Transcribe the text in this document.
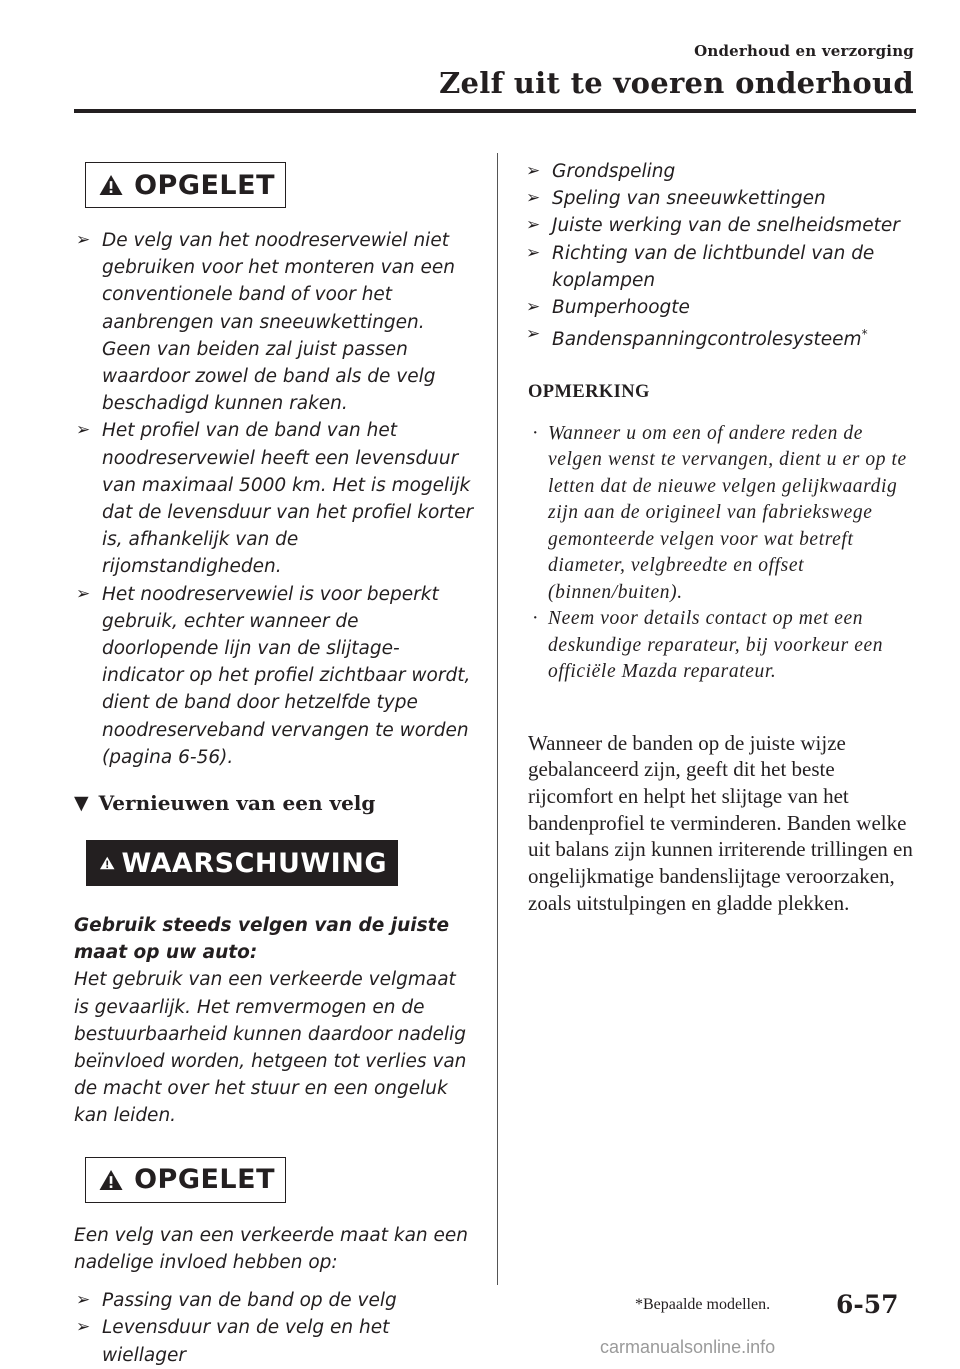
Onderhoud en verzorging
Zelf uit te voeren onderhoud
OPGELET
➢ De velg van het noodreservewiel niet gebruiken voor het monteren van een conventionele band of voor het aanbrengen van sneeuwkettingen. Geen van beiden zal juist passen waardoor zowel de band als de velg beschadigd kunnen raken.
➢ Het profiel van de band van het noodreservewiel heeft een levensduur van maximaal 5000 km. Het is mogelijk dat de levensduur van het profiel korter is, afhankelijk van de rijomstandigheden.
➢ Het noodreservewiel is voor beperkt gebruik, echter wanneer de doorlopende lijn van de slijtage-indicator op het profiel zichtbaar wordt, dient de band door hetzelfde type noodreserveband vervangen te worden (pagina 6-56).
▼ Vernieuwen van een velg
WAARSCHUWING
Gebruik steeds velgen van de juiste maat op uw auto:
Het gebruik van een verkeerde velgmaat is gevaarlijk. Het remvermogen en de bestuurbaarheid kunnen daardoor nadelig beïnvloed worden, hetgeen tot verlies van de macht over het stuur en een ongeluk kan leiden.
OPGELET
Een velg van een verkeerde maat kan een nadelige invloed hebben op:
➢ Passing van de band op de velg
➢ Levensduur van de velg en het wiellager
➢ Grondspeling
➢ Speling van sneeuwkettingen
➢ Juiste werking van de snelheidsmeter
➢ Richting van de lichtbundel van de koplampen
➢ Bumperhoogte
➢ Bandenspanningcontrolesysteem*
OPMERKING
· Wanneer u om een of andere reden de velgen wenst te vervangen, dient u er op te letten dat de nieuwe velgen gelijkwaardig zijn aan de origineel van fabriekswege gemonteerde velgen voor wat betreft diameter, velgbreedte en offset (binnen/buiten).
· Neem voor details contact op met een deskundige reparateur, bij voorkeur een officiële Mazda reparateur.
Wanneer de banden op de juiste wijze gebalanceerd zijn, geeft dit het beste rijcomfort en helpt het slijtage van het bandenprofiel te verminderen. Banden welke uit balans zijn kunnen irriterende trillingen en ongelijkmatige bandenslijtage veroorzaken, zoals uitstulpingen en gladde plekken.
*Bepaalde modellen.	6-57
carmanualsonline.info
